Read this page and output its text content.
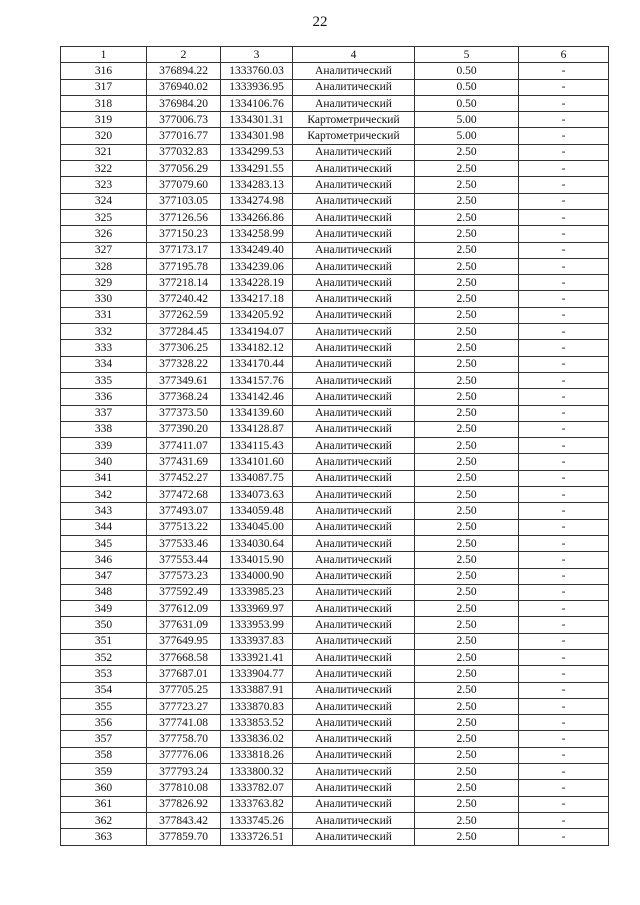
22
1	2	3	4	5	6
316	376894.22	1333760.03	Аналитический	0.50	-
317	376940.02	1333936.95	Аналитический	0.50	-
318	376984.20	1334106.76	Аналитический	0.50	-
319	377006.73	1334301.31	Картометрический	5.00	-
320	377016.77	1334301.98	Картометрический	5.00	-
321	377032.83	1334299.53	Аналитический	2.50	-
322	377056.29	1334291.55	Аналитический	2.50	-
323	377079.60	1334283.13	Аналитический	2.50	-
324	377103.05	1334274.98	Аналитический	2.50	-
325	377126.56	1334266.86	Аналитический	2.50	-
326	377150.23	1334258.99	Аналитический	2.50	-
327	377173.17	1334249.40	Аналитический	2.50	-
328	377195.78	1334239.06	Аналитический	2.50	-
329	377218.14	1334228.19	Аналитический	2.50	-
330	377240.42	1334217.18	Аналитический	2.50	-
331	377262.59	1334205.92	Аналитический	2.50	-
332	377284.45	1334194.07	Аналитический	2.50	-
333	377306.25	1334182.12	Аналитический	2.50	-
334	377328.22	1334170.44	Аналитический	2.50	-
335	377349.61	1334157.76	Аналитический	2.50	-
336	377368.24	1334142.46	Аналитический	2.50	-
337	377373.50	1334139.60	Аналитический	2.50	-
338	377390.20	1334128.87	Аналитический	2.50	-
339	377411.07	1334115.43	Аналитический	2.50	-
340	377431.69	1334101.60	Аналитический	2.50	-
341	377452.27	1334087.75	Аналитический	2.50	-
342	377472.68	1334073.63	Аналитический	2.50	-
343	377493.07	1334059.48	Аналитический	2.50	-
344	377513.22	1334045.00	Аналитический	2.50	-
345	377533.46	1334030.64	Аналитический	2.50	-
346	377553.44	1334015.90	Аналитический	2.50	-
347	377573.23	1334000.90	Аналитический	2.50	-
348	377592.49	1333985.23	Аналитический	2.50	-
349	377612.09	1333969.97	Аналитический	2.50	-
350	377631.09	1333953.99	Аналитический	2.50	-
351	377649.95	1333937.83	Аналитический	2.50	-
352	377668.58	1333921.41	Аналитический	2.50	-
353	377687.01	1333904.77	Аналитический	2.50	-
354	377705.25	1333887.91	Аналитический	2.50	-
355	377723.27	1333870.83	Аналитический	2.50	-
356	377741.08	1333853.52	Аналитический	2.50	-
357	377758.70	1333836.02	Аналитический	2.50	-
358	377776.06	1333818.26	Аналитический	2.50	-
359	377793.24	1333800.32	Аналитический	2.50	-
360	377810.08	1333782.07	Аналитический	2.50	-
361	377826.92	1333763.82	Аналитический	2.50	-
362	377843.42	1333745.26	Аналитический	2.50	-
363	377859.70	1333726.51	Аналитический	2.50	-
